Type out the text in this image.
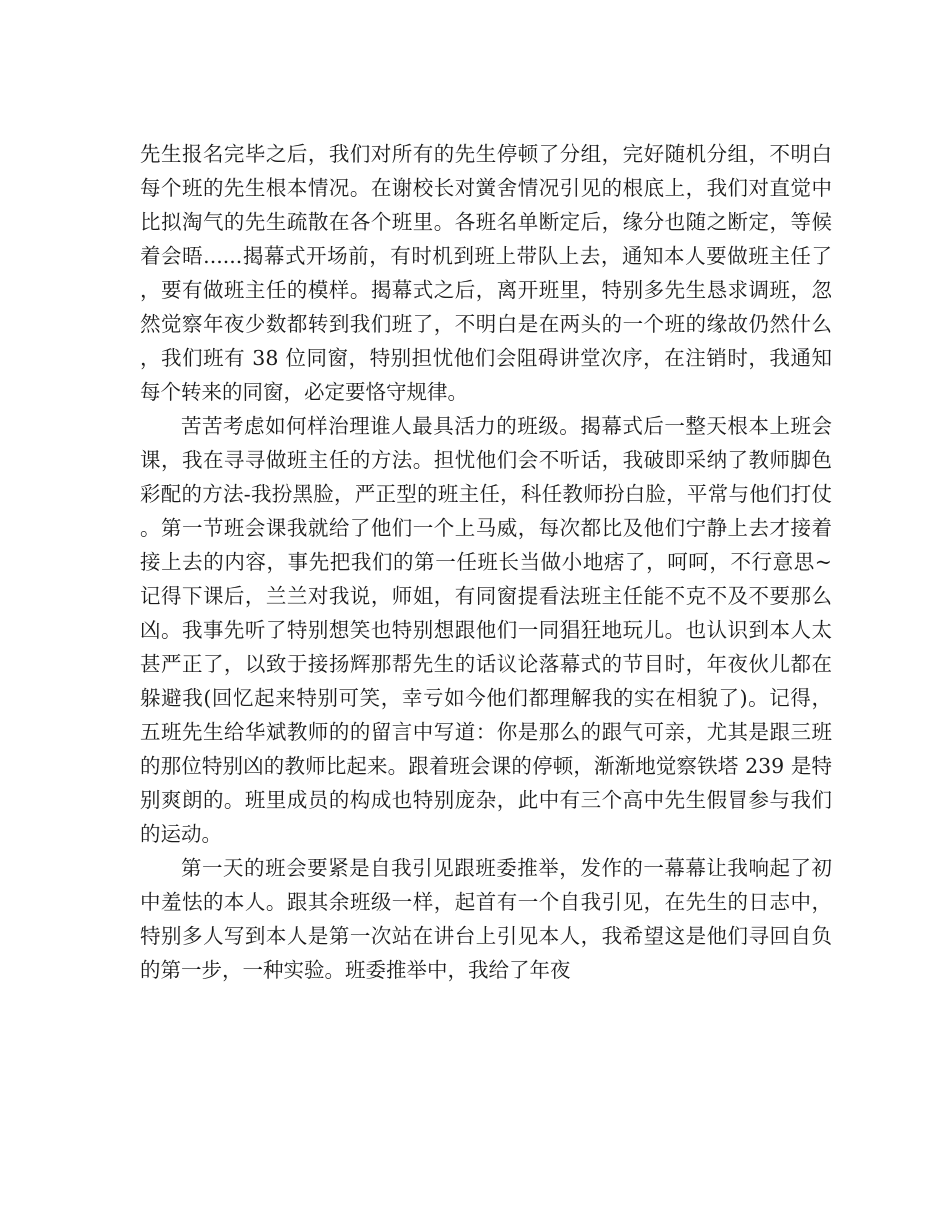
先生报名完毕之后，我们对所有的先生停顿了分组，完好随机分组，不明白每个班的先生根本情况。在谢校长对黉舍情况引见的根底上，我们对直觉中比拟淘气的先生疏散在各个班里。各班名单断定后，缘分也随之断定，等候着会晤......揭幕式开场前，有时机到班上带队上去，通知本人要做班主任了，要有做班主任的模样。揭幕式之后，离开班里，特别多先生恳求调班，忽然觉察年夜少数都转到我们班了，不明白是在两头的一个班的缘故仍然什么，我们班有 38 位同窗，特别担忧他们会阻碍讲堂次序，在注销时，我通知每个转来的同窗，必定要恪守规律。

苦苦考虑如何样治理谁人最具活力的班级。揭幕式后一整天根本上班会课，我在寻寻做班主任的方法。担忧他们会不听话，我破即采纳了教师脚色彩配的方法-我扮黑脸，严正型的班主任，科任教师扮白脸，平常与他们打仗。第一节班会课我就给了他们一个上马威，每次都比及他们宁静上去才接着接上去的内容，事先把我们的第一任班长当做小地痞了，呵呵，不行意思~记得下课后，兰兰对我说，师姐，有同窗提看法班主任能不克不及不要那么凶。我事先听了特别想笑也特别想跟他们一同猖狂地玩儿。也认识到本人太甚严正了，以致于接扬辉那帮先生的话议论落幕式的节目时，年夜伙儿都在躲避我(回忆起来特别可笑，幸亏如今他们都理解我的实在相貌了)。记得，五班先生给华斌教师的的留言中写道：你是那么的跟气可亲，尤其是跟三班的那位特别凶的教师比起来。跟着班会课的停顿，渐渐地觉察铁塔 239 是特别爽朗的。班里成员的构成也特别庞杂，此中有三个高中先生假冒参与我们的运动。

第一天的班会要紧是自我引见跟班委推举，发作的一幕幕让我响起了初中羞怯的本人。跟其余班级一样，起首有一个自我引见，在先生的日志中，特别多人写到本人是第一次站在讲台上引见本人，我希望这是他们寻回自负的第一步，一种实验。班委推举中，我给了年夜
